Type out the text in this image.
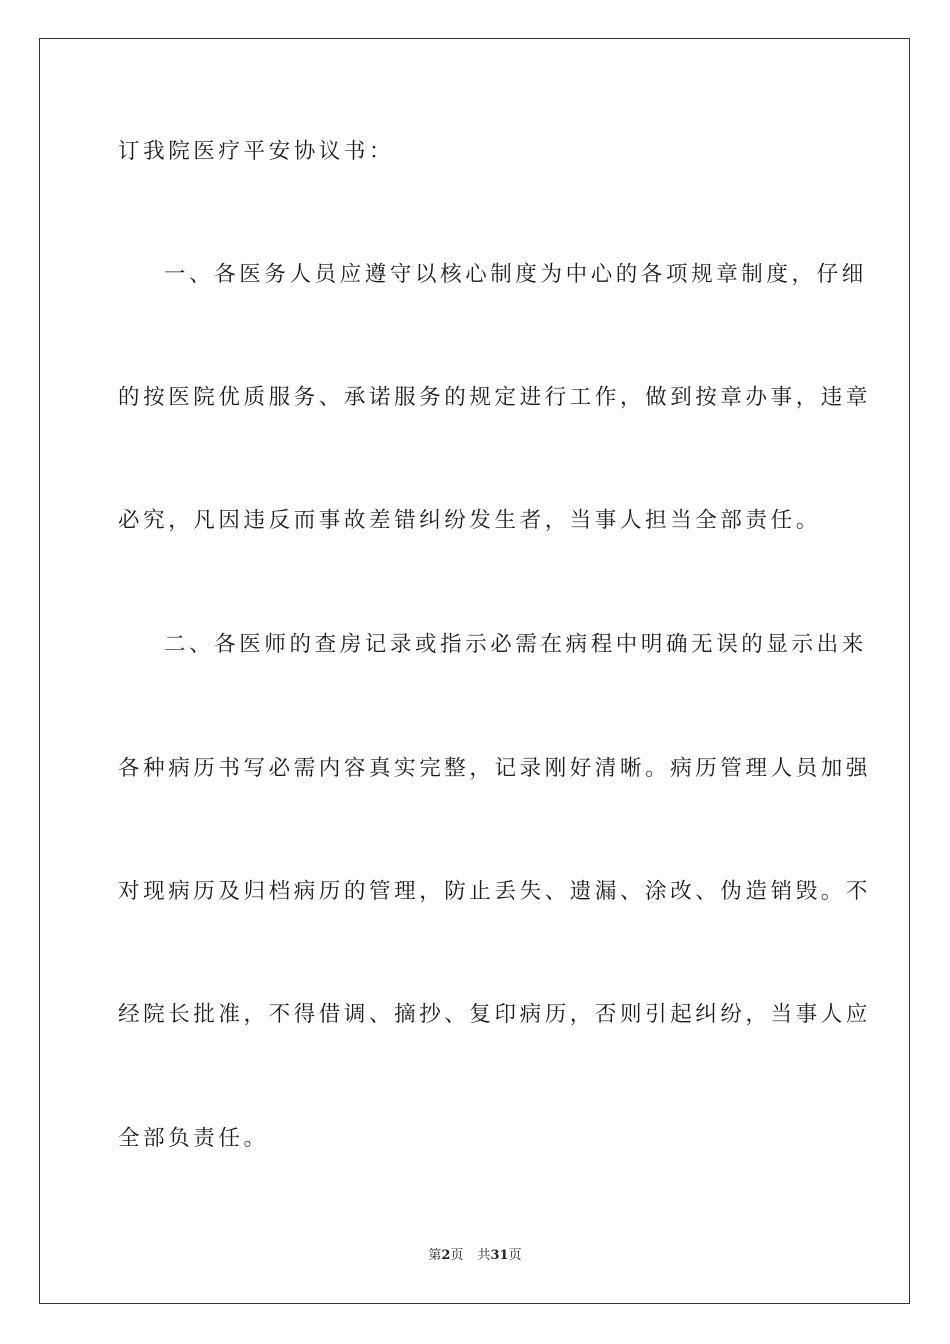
订我院医疗平安协议书：
一、各医务人员应遵守以核心制度为中心的各项规章制度，仔细
的按医院优质服务、承诺服务的规定进行工作，做到按章办事，违章
必究，凡因违反而事故差错纠纷发生者，当事人担当全部责任。
二、各医师的查房记录或指示必需在病程中明确无误的显示出来
各种病历书写必需内容真实完整，记录刚好清晰。病历管理人员加强
对现病历及归档病历的管理，防止丢失、遗漏、涂改、伪造销毁。不
经院长批准，不得借调、摘抄、复印病历，否则引起纠纷，当事人应
全部负责任。
第2页 共31页
